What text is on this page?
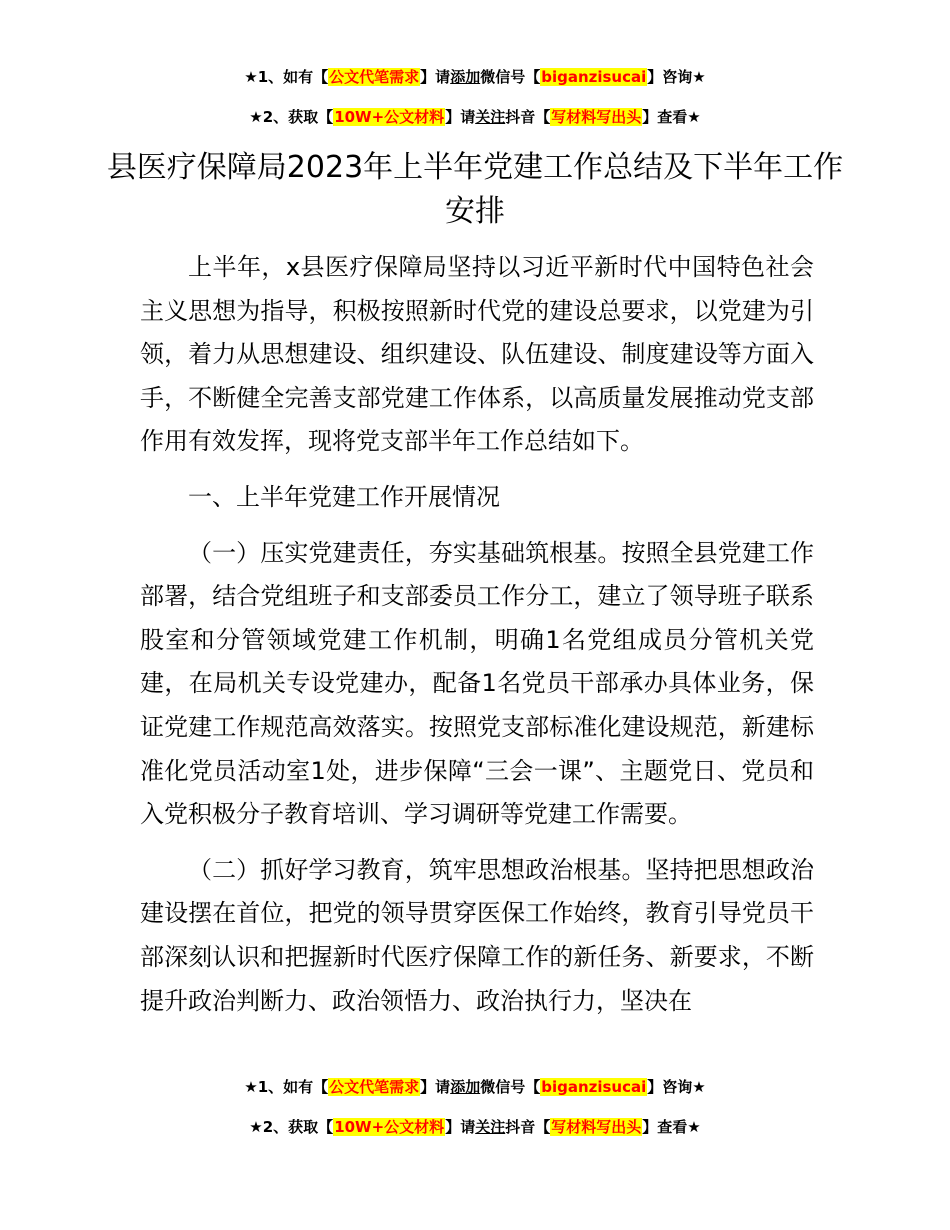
★1、如有【公文代笔需求】请添加微信号【biganzisucai】咨询★
★2、获取【10W+公文材料】请关注抖音【写材料写出头】查看★
县医疗保障局2023年上半年党建工作总结及下半年工作安排

上半年，x县医疗保障局坚持以习近平新时代中国特色社会主义思想为指导，积极按照新时代党的建设总要求，以党建为引领，着力从思想建设、组织建设、队伍建设、制度建设等方面入手，不断健全完善支部党建工作体系，以高质量发展推动党支部作用有效发挥，现将党支部半年工作总结如下。

一、上半年党建工作开展情况

（一）压实党建责任，夯实基础筑根基。按照全县党建工作部署，结合党组班子和支部委员工作分工，建立了领导班子联系股室和分管领域党建工作机制，明确1名党组成员分管机关党建，在局机关专设党建办，配备1名党员干部承办具体业务，保证党建工作规范高效落实。按照党支部标准化建设规范，新建标准化党员活动室1处，进步保障“三会一课”、主题党日、党员和入党积极分子教育培训、学习调研等党建工作需要。

（二）抓好学习教育，筑牢思想政治根基。坚持把思想政治建设摆在首位，把党的领导贯穿医保工作始终，教育引导党员干部深刻认识和把握新时代医疗保障工作的新任务、新要求，不断提升政治判断力、政治领悟力、政治执行力，坚决在

★1、如有【公文代笔需求】请添加微信号【biganzisucai】咨询★
★2、获取【10W+公文材料】请关注抖音【写材料写出头】查看★
